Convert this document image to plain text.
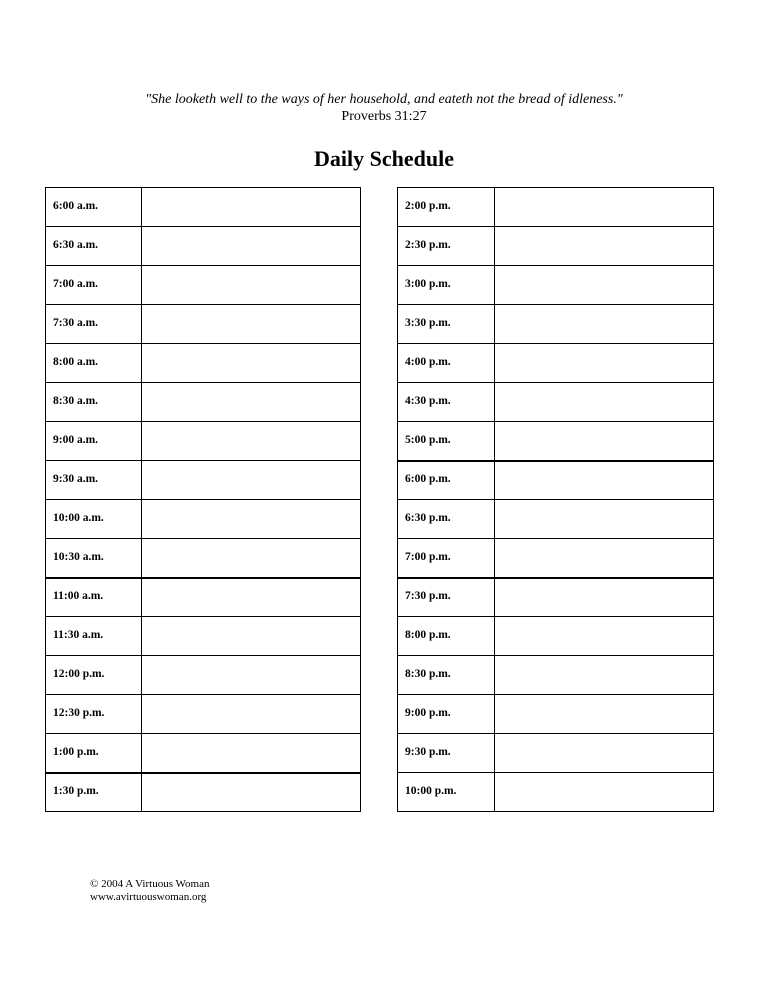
"She looketh well to the ways of her household, and eateth not the bread of idleness."
Proverbs 31:27
Daily Schedule
6:00 a.m.	
6:30 a.m.	
7:00 a.m.	
7:30 a.m.	
8:00 a.m.	
8:30 a.m.	
9:00 a.m.	
9:30 a.m.	
10:00 a.m.	
10:30 a.m.	
11:00 a.m.	
11:30 a.m.	
12:00 p.m.	
12:30 p.m.	
1:00 p.m.	
1:30 p.m.	
2:00 p.m.	
2:30 p.m.	
3:00 p.m.	
3:30 p.m.	
4:00 p.m.	
4:30 p.m.	
5:00 p.m.	
6:00 p.m.	
6:30 p.m.	
7:00 p.m.	
7:30 p.m.	
8:00 p.m.	
8:30 p.m.	
9:00 p.m.	
9:30 p.m.	
10:00 p.m.	
© 2004 A Virtuous Woman
www.avirtuouswoman.org
